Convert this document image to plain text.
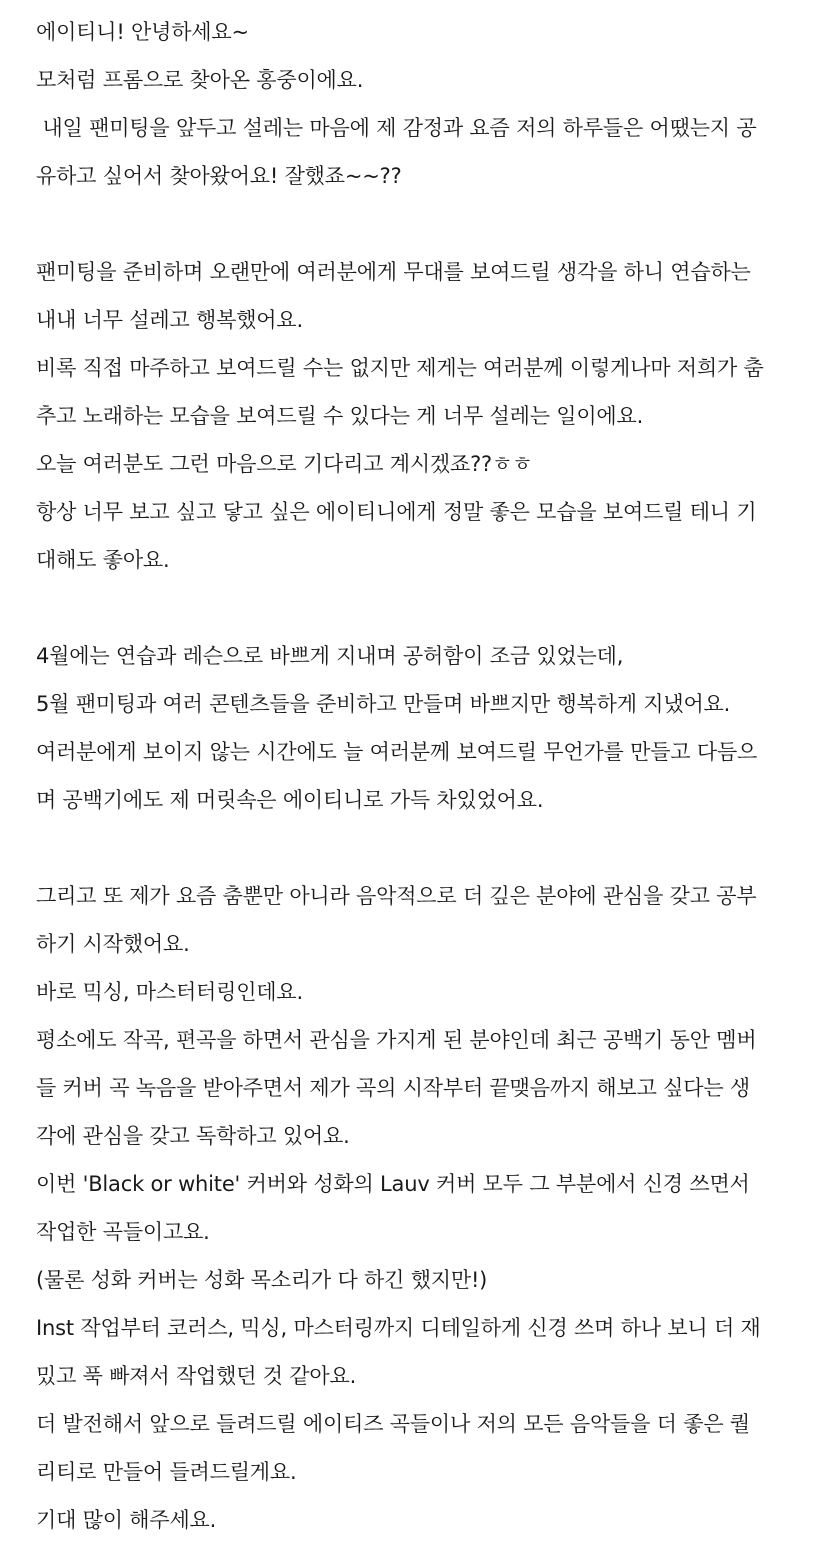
에이티니! 안녕하세요~
모처럼 프롬으로 찾아온 홍중이에요.
내일 팬미팅을 앞두고 설레는 마음에 제 감정과 요즘 저의 하루들은 어땠는지 공
유하고 싶어서 찾아왔어요! 잘했죠~~??
팬미팅을 준비하며 오랜만에 여러분에게 무대를 보여드릴 생각을 하니 연습하는
내내 너무 설레고 행복했어요.
비록 직접 마주하고 보여드릴 수는 없지만 제게는 여러분께 이렇게나마 저희가 춤
추고 노래하는 모습을 보여드릴 수 있다는 게 너무 설레는 일이에요.
오늘 여러분도 그런 마음으로 기다리고 계시겠죠??ㅎㅎ
항상 너무 보고 싶고 닿고 싶은 에이티니에게 정말 좋은 모습을 보여드릴 테니 기
대해도 좋아요.
4월에는 연습과 레슨으로 바쁘게 지내며 공허함이 조금 있었는데,
5월 팬미팅과 여러 콘텐츠들을 준비하고 만들며 바쁘지만 행복하게 지냈어요.
여러분에게 보이지 않는 시간에도 늘 여러분께 보여드릴 무언가를 만들고 다듬으
며 공백기에도 제 머릿속은 에이티니로 가득 차있었어요.
그리고 또 제가 요즘 춤뿐만 아니라 음악적으로 더 깊은 분야에 관심을 갖고 공부
하기 시작했어요.
바로 믹싱, 마스터터링인데요.
평소에도 작곡, 편곡을 하면서 관심을 가지게 된 분야인데 최근 공백기 동안 멤버
들 커버 곡 녹음을 받아주면서 제가 곡의 시작부터 끝맺음까지 해보고 싶다는 생
각에 관심을 갖고 독학하고 있어요.
이번 'Black or white' 커버와 성화의 Lauv 커버 모두 그 부분에서 신경 쓰면서
작업한 곡들이고요.
(물론 성화 커버는 성화 목소리가 다 하긴 했지만!)
Inst 작업부터 코러스, 믹싱, 마스터링까지 디테일하게 신경 쓰며 하나 보니 더 재
밌고 푹 빠져서 작업했던 것 같아요.
더 발전해서 앞으로 들려드릴 에이티즈 곡들이나 저의 모든 음악들을 더 좋은 퀄
리티로 만들어 들려드릴게요.
기대 많이 해주세요.
